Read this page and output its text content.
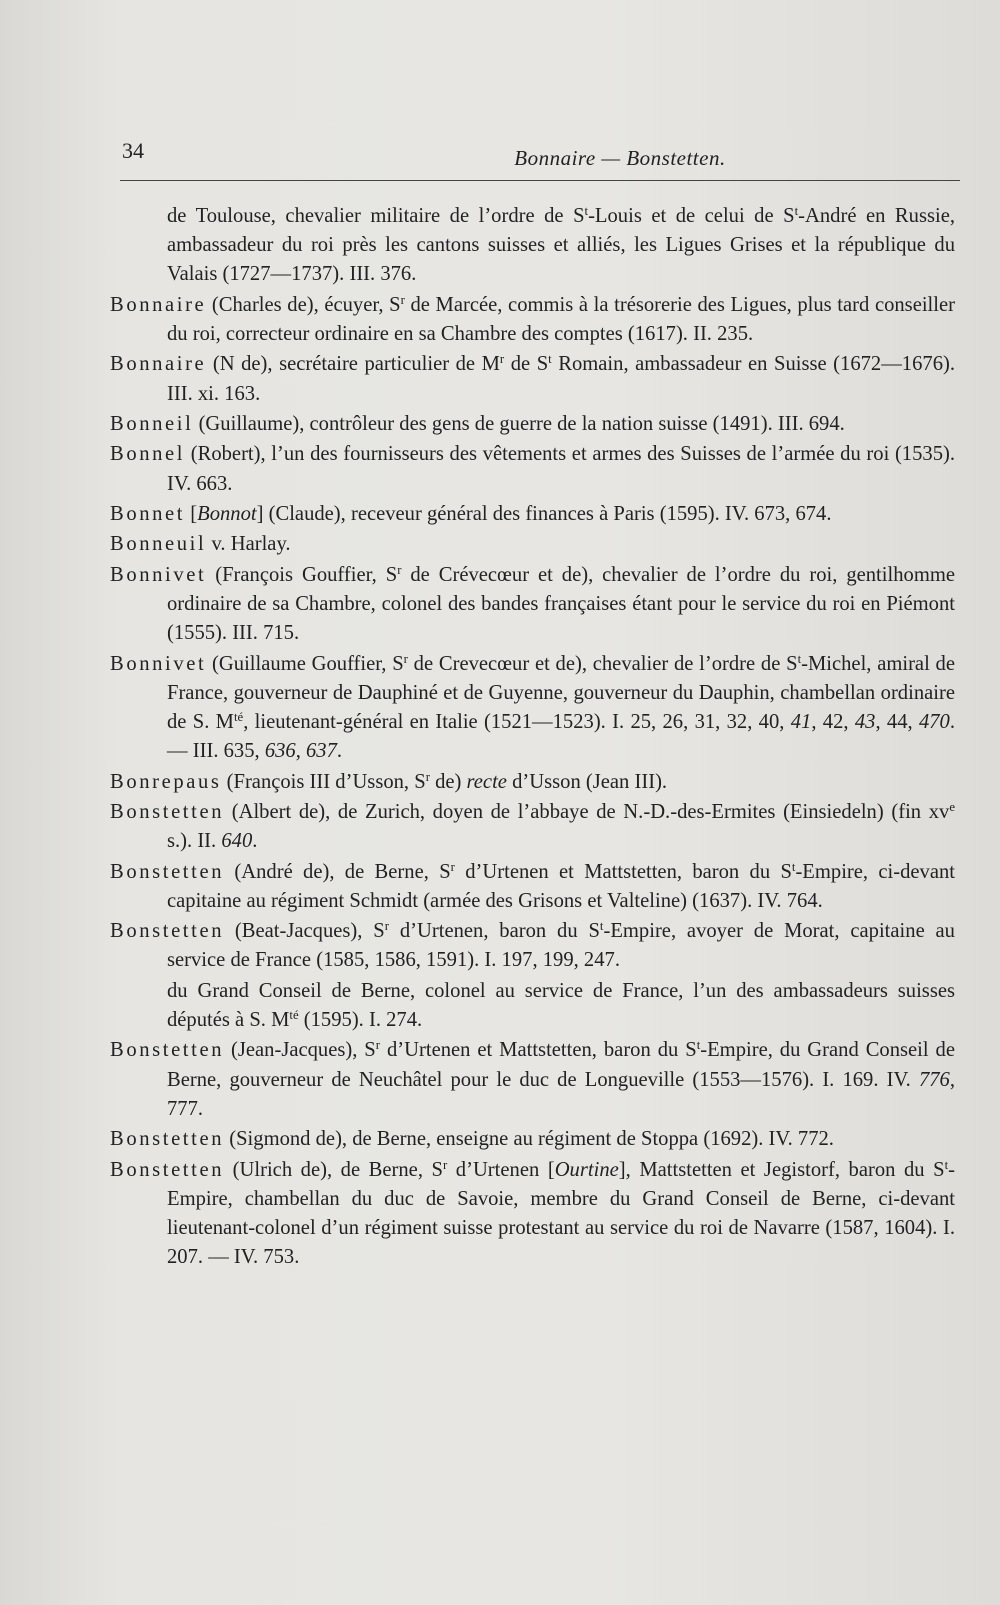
34	Bonnaire — Bonstetten.

de Toulouse, chevalier militaire de l’ordre de $S^t$-Louis et de celui de $S^t$-André en Russie, ambassadeur du roi près les cantons suisses et alliés, les Ligues Grises et la république du Valais (1727—1737). III. 376.

Bonnaire (Charles de), écuyer, $S^r$ de Marcée, commis à la trésorerie des Ligues, plus tard conseiller du roi, correcteur ordinaire en sa Chambre des comptes (1617). II. 235.

Bonnaire (N de), secrétaire particulier de $M^r$ de $S^t$ Romain, ambassadeur en Suisse (1672—1676). III. xi. 163.

Bonneil (Guillaume), contrôleur des gens de guerre de la nation suisse (1491). III. 694.

Bonnel (Robert), l’un des fournisseurs des vêtements et armes des Suisses de l’armée du roi (1535). IV. 663.

Bonnet [Bonnot] (Claude), receveur général des finances à Paris (1595). IV. 673, 674.

Bonneuil v. Harlay.

Bonnivet (François Gouffier, $S^r$ de Crévecœur et de), chevalier de l’ordre du roi, gentilhomme ordinaire de sa Chambre, colonel des bandes françaises étant pour le service du roi en Piémont (1555). III. 715.

Bonnivet (Guillaume Gouffier, $S^r$ de Crevecœur et de), chevalier de l’ordre de $S^t$-Michel, amiral de France, gouverneur de Dauphiné et de Guyenne, gouverneur du Dauphin, chambellan ordinaire de S. $M^{té}$, lieutenant-général en Italie (1521—1523). I. 25, 26, 31, 32, 40, 41, 42, 43, 44, 470. — III. 635, 636, 637.

Bonrepaus (François III d’Usson, $S^r$ de) recte d’Usson (Jean III).

Bonstetten (Albert de), de Zurich, doyen de l’abbaye de N.-D.-des-Ermites (Einsiedeln) (fin $xv^e$ s.). II. 640.

Bonstetten (André de), de Berne, $S^r$ d’Urtenen et Mattstetten, baron du $S^t$-Empire, ci-devant capitaine au régiment Schmidt (armée des Grisons et Valteline) (1637). IV. 764.

Bonstetten (Beat-Jacques), $S^r$ d’Urtenen, baron du $S^t$-Empire, avoyer de Morat, capitaine au service de France (1585, 1586, 1591). I. 197, 199, 247.

du Grand Conseil de Berne, colonel au service de France, l’un des ambassadeurs suisses députés à S. $M^{té}$ (1595). I. 274.

Bonstetten (Jean-Jacques), $S^r$ d’Urtenen et Mattstetten, baron du $S^t$-Empire, du Grand Conseil de Berne, gouverneur de Neuchâtel pour le duc de Longueville (1553—1576). I. 169. IV. 776, 777.

Bonstetten (Sigmond de), de Berne, enseigne au régiment de Stoppa (1692). IV. 772.

Bonstetten (Ulrich de), de Berne, $S^r$ d’Urtenen [Ourtine], Mattstetten et Jegistorf, baron du $S^t$-Empire, chambellan du duc de Savoie, membre du Grand Conseil de Berne, ci-devant lieutenant-colonel d’un régiment suisse protestant au service du roi de Navarre (1587, 1604). I. 207. — IV. 753.
